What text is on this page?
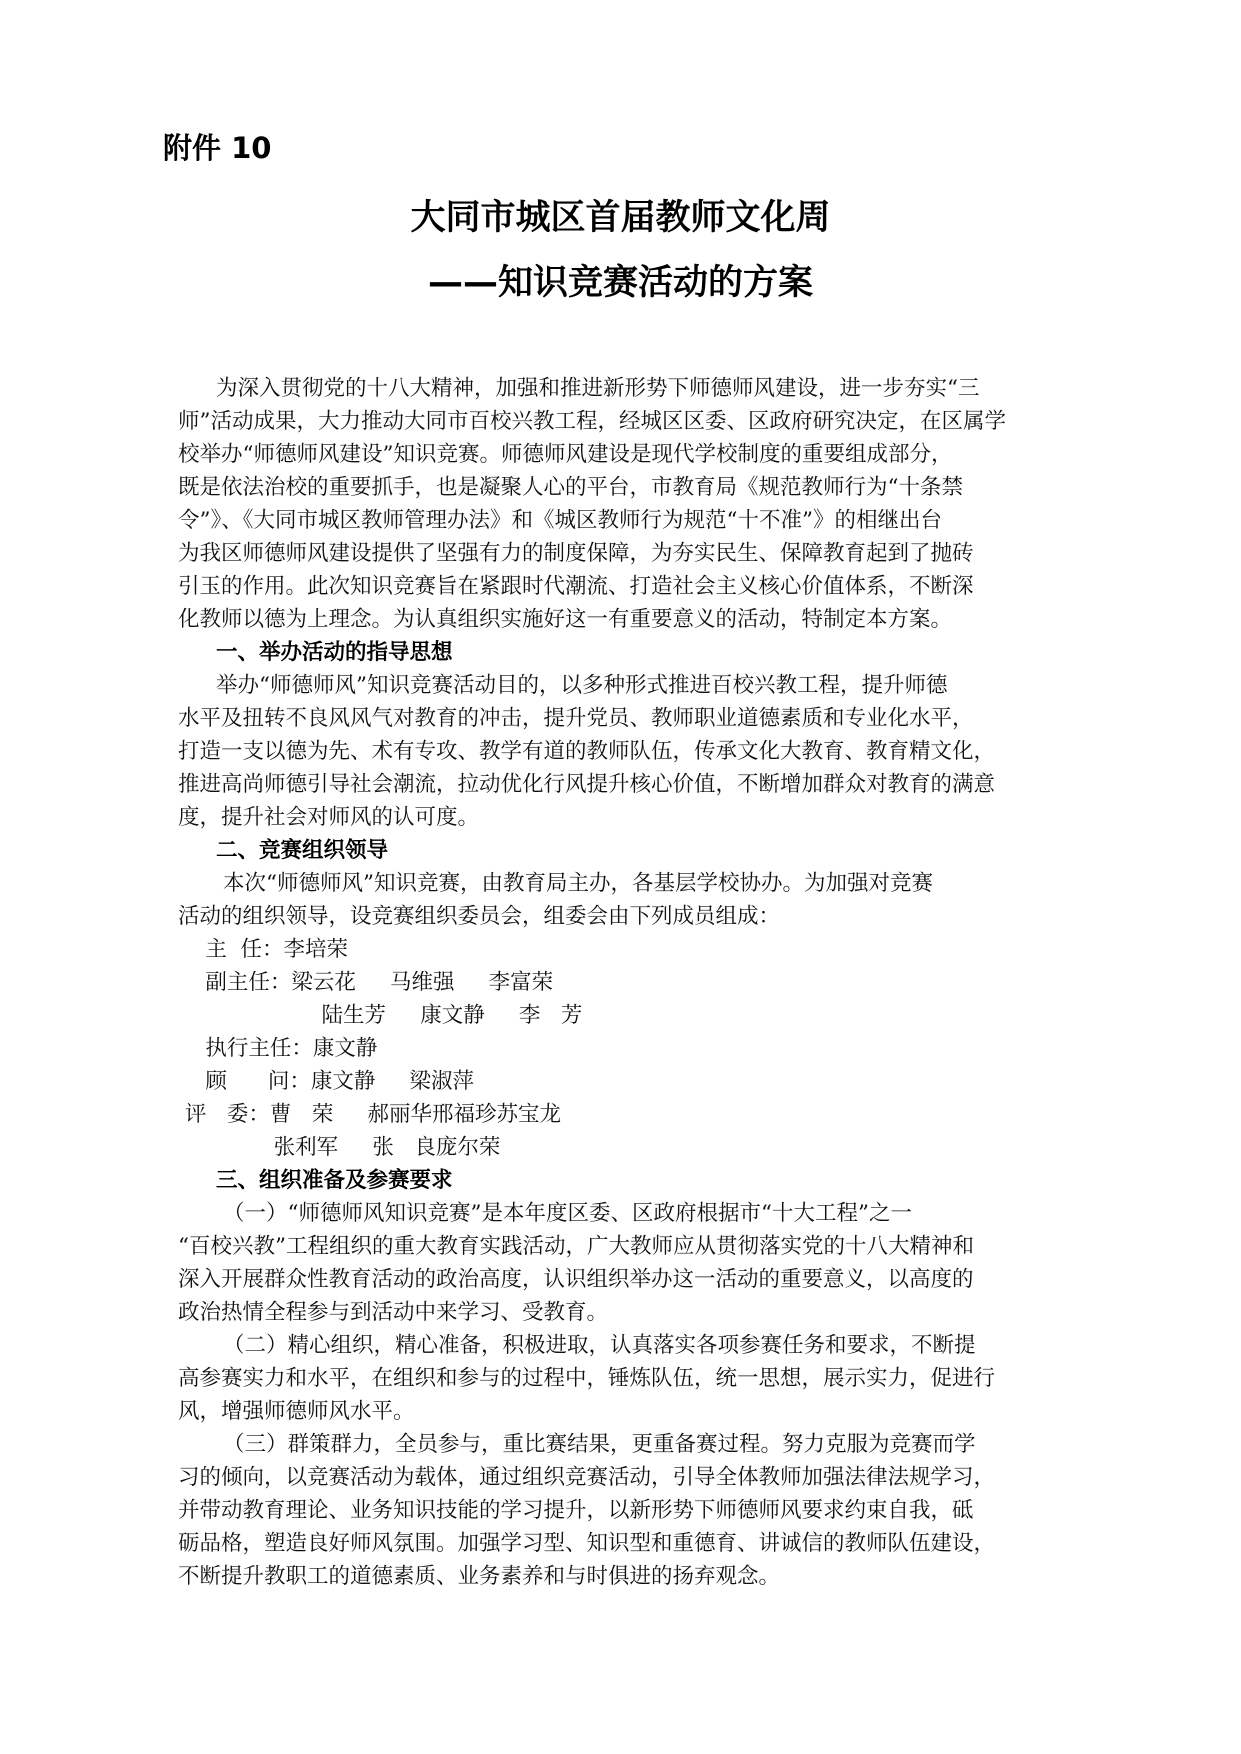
附件 10
大同市城区首届教师文化周
——知识竞赛活动的方案
为深入贯彻党的十八大精神，加强和推进新形势下师德师风建设，进一步夯实“三
师”活动成果，大力推动大同市百校兴教工程，经城区区委、区政府研究决定，在区属学
校举办“师德师风建设”知识竞赛。师德师风建设是现代学校制度的重要组成部分，
既是依法治校的重要抓手，也是凝聚人心的平台，市教育局《规范教师行为“十条禁
令”》、《大同市城区教师管理办法》和《城区教师行为规范“十不准”》的相继出台
为我区师德师风建设提供了坚强有力的制度保障，为夯实民生、保障教育起到了抛砖
引玉的作用。此次知识竞赛旨在紧跟时代潮流、打造社会主义核心价值体系，不断深
化教师以德为上理念。为认真组织实施好这一有重要意义的活动，特制定本方案。
一、举办活动的指导思想
举办“师德师风”知识竞赛活动目的，以多种形式推进百校兴教工程，提升师德
水平及扭转不良风风气对教育的冲击，提升党员、教师职业道德素质和专业化水平，
打造一支以德为先、术有专攻、教学有道的教师队伍，传承文化大教育、教育精文化，
推进高尚师德引导社会潮流，拉动优化行风提升核心价值，不断增加群众对教育的满意
度，提升社会对师风的认可度。
二、竞赛组织领导
本次“师德师风”知识竞赛，由教育局主办，各基层学校协办。为加强对竞赛
活动的组织领导，设竞赛组织委员会，组委会由下列成员组成：
主  任：李培荣
副主任：梁云花     马维强     李富荣
陆生芳     康文静     李   芳
执行主任：康文静
顾      问：康文静     梁淑萍
评   委：曹   荣     郝丽华邢福珍苏宝龙
张利军     张   良庞尔荣
三、组织准备及参赛要求
（一）“师德师风知识竞赛”是本年度区委、区政府根据市“十大工程”之一
“百校兴教”工程组织的重大教育实践活动，广大教师应从贯彻落实党的十八大精神和
深入开展群众性教育活动的政治高度，认识组织举办这一活动的重要意义，以高度的
政治热情全程参与到活动中来学习、受教育。
（二）精心组织，精心准备，积极进取，认真落实各项参赛任务和要求，不断提
高参赛实力和水平，在组织和参与的过程中，锤炼队伍，统一思想，展示实力，促进行
风，增强师德师风水平。
（三）群策群力，全员参与，重比赛结果，更重备赛过程。努力克服为竞赛而学
习的倾向，以竞赛活动为载体，通过组织竞赛活动，引导全体教师加强法律法规学习，
并带动教育理论、业务知识技能的学习提升，以新形势下师德师风要求约束自我，砥
砺品格，塑造良好师风氛围。加强学习型、知识型和重德育、讲诚信的教师队伍建设，
不断提升教职工的道德素质、业务素养和与时俱进的扬弃观念。
